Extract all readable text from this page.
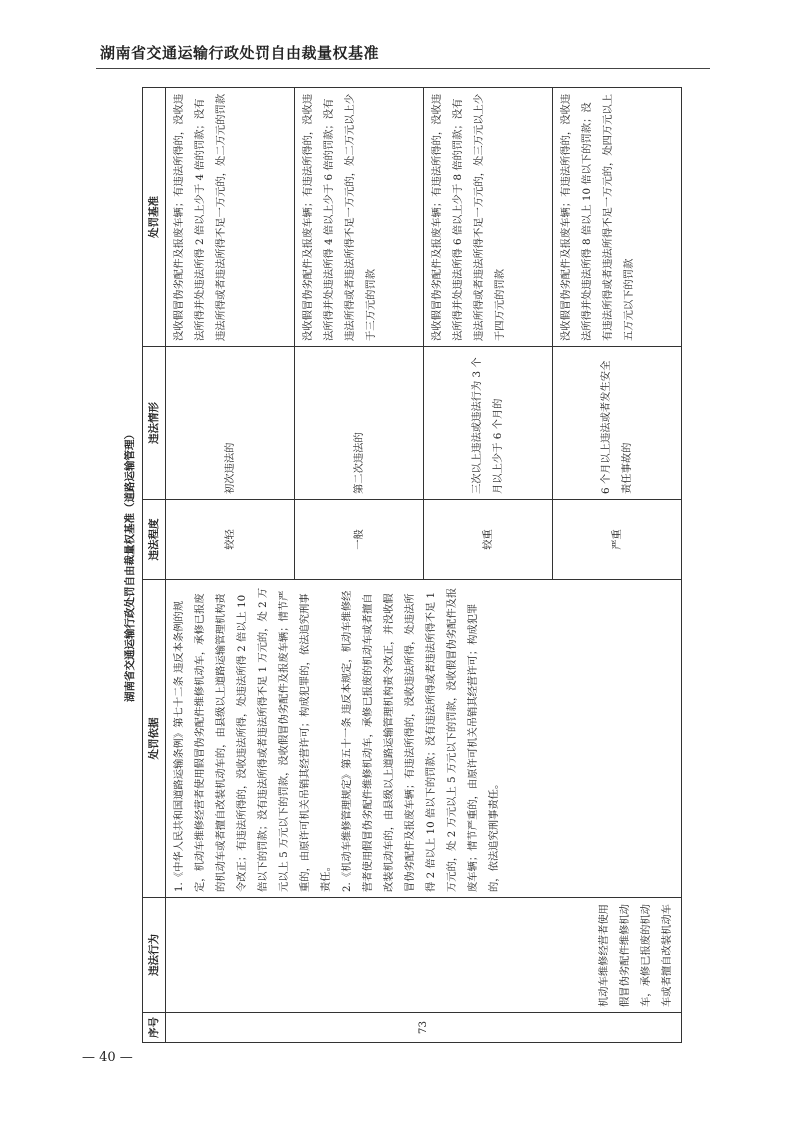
湖南省交通运输行政处罚自由裁量权基准
湖南省交通运输行政处罚自由裁量权基准（道路运输管理）
序号	违法行为	处罚依据	违法程度	违法情形	处罚基准
73	机动车维修经营者使用假冒伪劣配件维修机动车，承修已报废的机动车或者擅自改装机动车	1.《中华人民共和国道路运输条例》第七十二条 违反本条例的规定，机动车维修经营者使用假冒伪劣配件维修机动车，承修已报废的机动车或者擅自改装机动车的，由县级以上道路运输管理机构责令改正；有违法所得的，没收违法所得，处违法所得 2 倍以上 10 倍以下的罚款；没有违法所得或者违法所得不足 1 万元的，处 2 万元以上 5 万元以下的罚款，没收假冒伪劣配件及报废车辆；情节严重的，由原许可机关吊销其经营许可；构成犯罪的，依法追究刑事责任。 2.《机动车维修管理规定》第五十一条 违反本规定，机动车维修经营者使用假冒伪劣配件维修机动车，承修已报废的机动车或者擅自改装机动车的，由县级以上道路运输管理机构责令改正，并没收假冒伪劣配件及报废车辆；有违法所得的，没收违法所得，处违法所得 2 倍以上 10 倍以下的罚款；没有违法所得或者违法所得不足 1 万元的，处 2 万元以上 5 万元以下的罚款，没收假冒伪劣配件及报废车辆；情节严重的，由原许可机关吊销其经营许可；构成犯罪的，依法追究刑事责任。	较轻	初次违法的	没收假冒伪劣配件及报废车辆；有违法所得的，没收违法所得并处违法所得 2 倍以上少于 4 倍的罚款；没有违法所得或者违法所得不足一万元的，处二万元的罚款
			一般	第二次违法的	没收假冒伪劣配件及报废车辆；有违法所得的，没收违法所得并处违法所得 4 倍以上少于 6 倍的罚款；没有违法所得或者违法所得不足一万元的，处二万元以上少于三万元的罚款
			较重	三次以上违法或违法行为 3 个月以上少于 6 个月的	没收假冒伪劣配件及报废车辆；有违法所得的，没收违法所得并处违法所得 6 倍以上少于 8 倍的罚款；没有违法所得或者违法所得不足一万元的，处三万元以上少于四万元的罚款
			严重	6 个月以上违法或者发生安全责任事故的	没收假冒伪劣配件及报废车辆；有违法所得的，没收违法所得并处违法所得 8 倍以上 10 倍以下的罚款；没有违法所得或者违法所得不足一万元的，处四万元以上五万元以下的罚款
— 40 —
